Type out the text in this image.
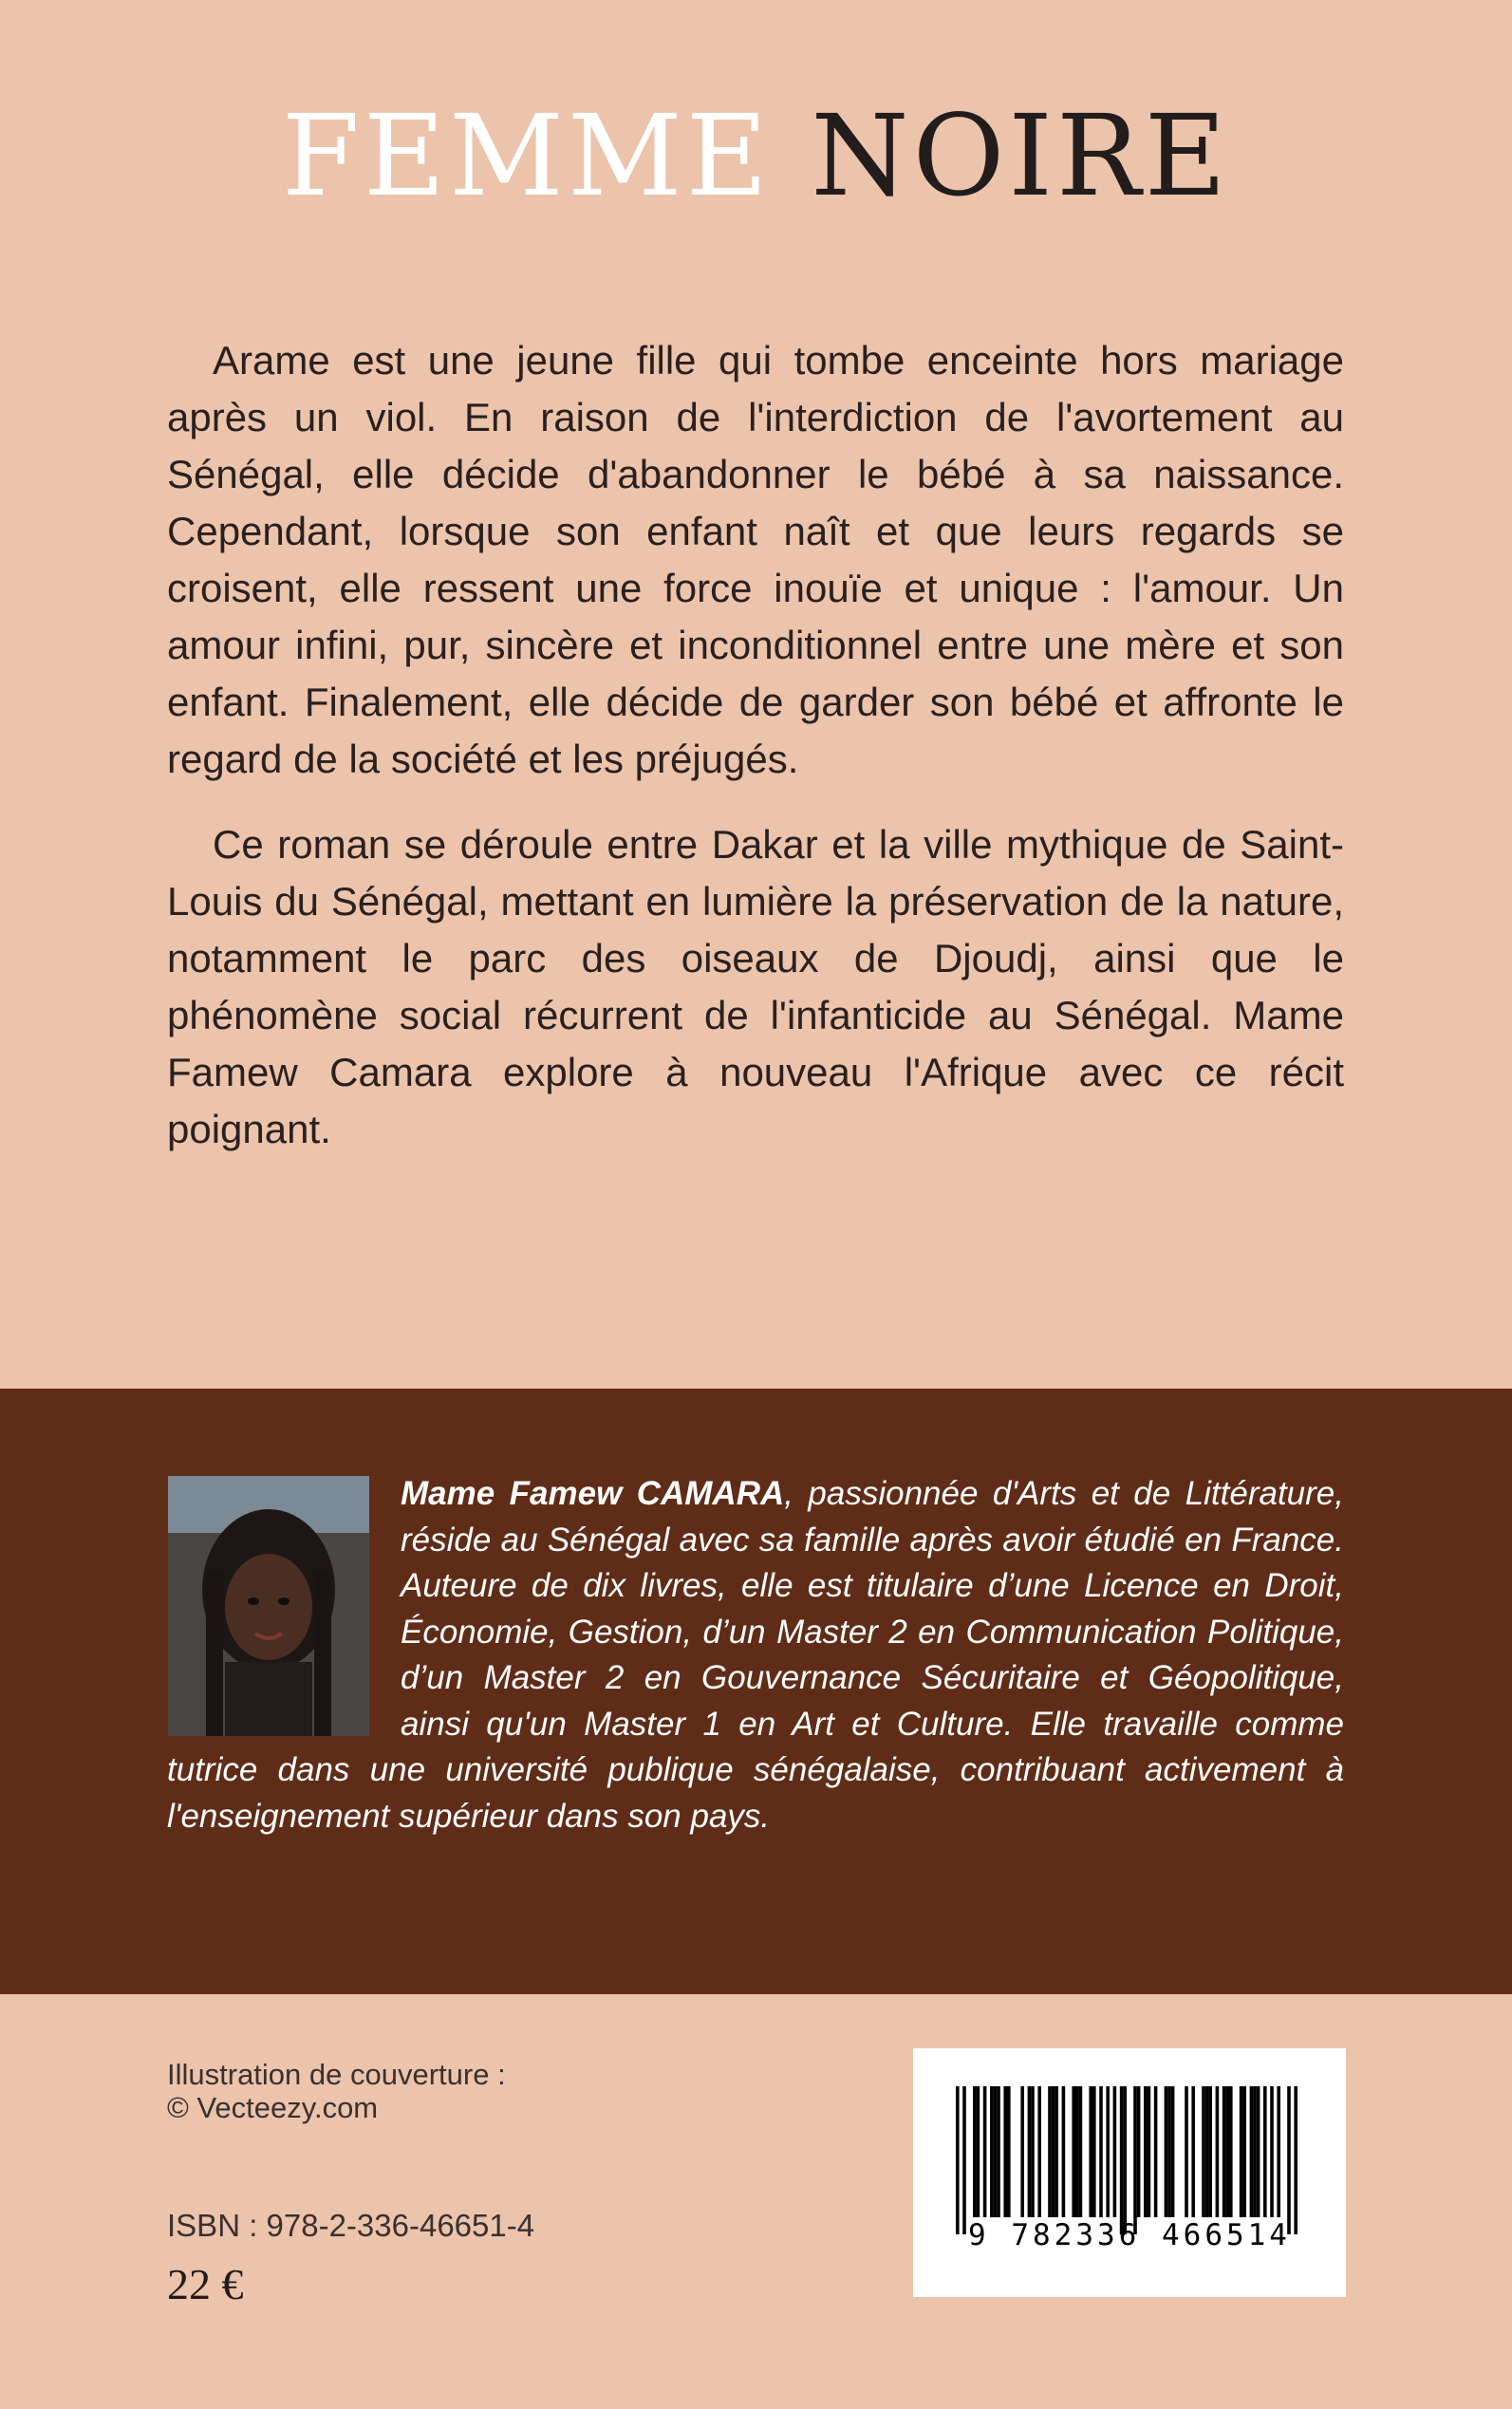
FEMME NOIRE

Arame est une jeune fille qui tombe enceinte hors mariage après un viol. En raison de l'interdiction de l'avortement au Sénégal, elle décide d'abandonner le bébé à sa naissance. Cependant, lorsque son enfant naît et que leurs regards se croisent, elle ressent une force inouïe et unique : l'amour. Un amour infini, pur, sincère et inconditionnel entre une mère et son enfant. Finalement, elle décide de garder son bébé et affronte le regard de la société et les préjugés.

Ce roman se déroule entre Dakar et la ville mythique de Saint-Louis du Sénégal, mettant en lumière la préservation de la nature, notamment le parc des oiseaux de Djoudj, ainsi que le phénomène social récurrent de l'infanticide au Sénégal. Mame Famew Camara explore à nouveau l'Afrique avec ce récit poignant.

Mame Famew CAMARA, passionnée d'Arts et de Littérature, réside au Sénégal avec sa famille après avoir étudié en France. Auteure de dix livres, elle est titulaire d’une Licence en Droit, Économie, Gestion, d’un Master 2 en Communication Politique, d’un Master 2 en Gouvernance Sécuritaire et Géopolitique, ainsi qu'un Master 1 en Art et Culture. Elle travaille comme tutrice dans une université publique sénégalaise, contribuant activement à l'enseignement supérieur dans son pays.
Illustration de couverture :
© Vecteezy.com
ISBN : 978-2-336-46651-4
22 €
9 782336 466514
